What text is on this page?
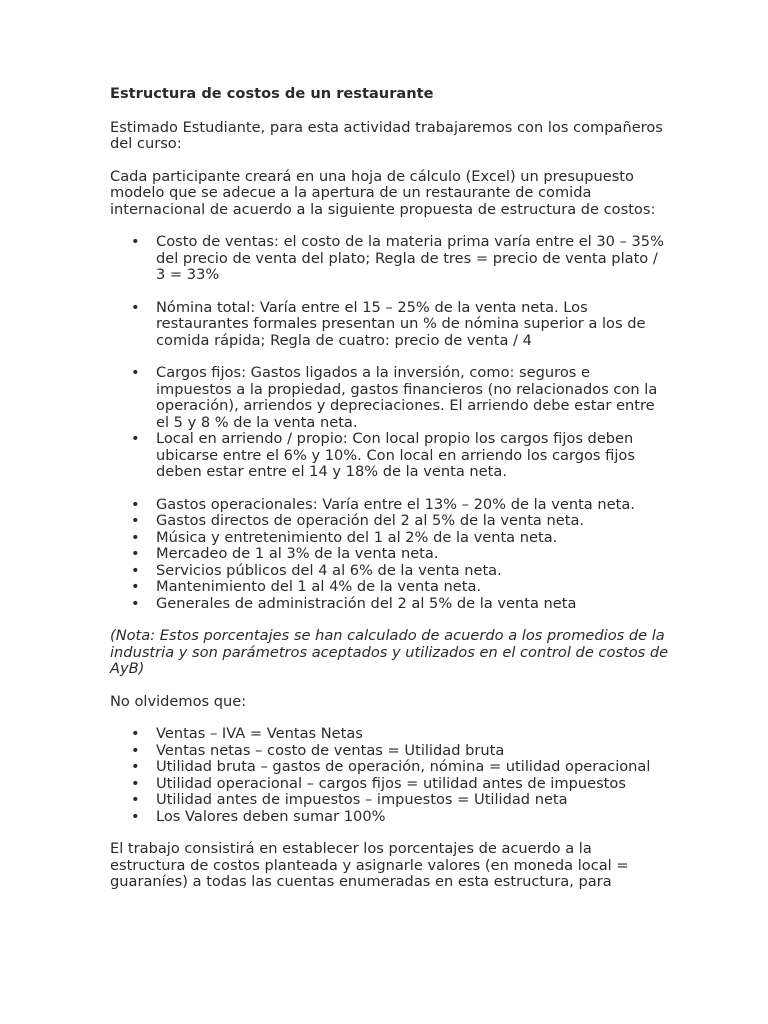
Estructura de costos de un restaurante

Estimado Estudiante, para esta actividad trabajaremos con los compañeros del curso:

Cada participante creará en una hoja de cálculo (Excel) un presupuesto modelo que se adecue a la apertura de un restaurante de comida internacional de acuerdo a la siguiente propuesta de estructura de costos:

• Costo de ventas: el costo de la materia prima varía entre el 30 – 35% del precio de venta del plato; Regla de tres = precio de venta plato / 3 = 33%
• Nómina total: Varía entre el 15 – 25% de la venta neta. Los restaurantes formales presentan un % de nómina superior a los de comida rápida; Regla de cuatro: precio de venta / 4
• Cargos fijos: Gastos ligados a la inversión, como: seguros e impuestos a la propiedad, gastos financieros (no relacionados con la operación), arriendos y depreciaciones. El arriendo debe estar entre el 5 y 8 % de la venta neta.
• Local en arriendo / propio: Con local propio los cargos fijos deben ubicarse entre el 6% y 10%. Con local en arriendo los cargos fijos deben estar entre el 14 y 18% de la venta neta.
• Gastos operacionales: Varía entre el 13% – 20% de la venta neta.
• Gastos directos de operación del 2 al 5% de la venta neta.
• Música y entretenimiento del 1 al 2% de la venta neta.
• Mercadeo de 1 al 3% de la venta neta.
• Servicios públicos del 4 al 6% de la venta neta.
• Mantenimiento del 1 al 4% de la venta neta.
• Generales de administración del 2 al 5% de la venta neta

(Nota: Estos porcentajes se han calculado de acuerdo a los promedios de la industria y son parámetros aceptados y utilizados en el control de costos de AyB)

No olvidemos que:

• Ventas – IVA = Ventas Netas
• Ventas netas – costo de ventas = Utilidad bruta
• Utilidad bruta – gastos de operación, nómina = utilidad operacional
• Utilidad operacional – cargos fijos = utilidad antes de impuestos
• Utilidad antes de impuestos – impuestos = Utilidad neta
• Los Valores deben sumar 100%

El trabajo consistirá en establecer los porcentajes de acuerdo a la estructura de costos planteada y asignarle valores (en moneda local = guaraníes) a todas las cuentas enumeradas en esta estructura, para
